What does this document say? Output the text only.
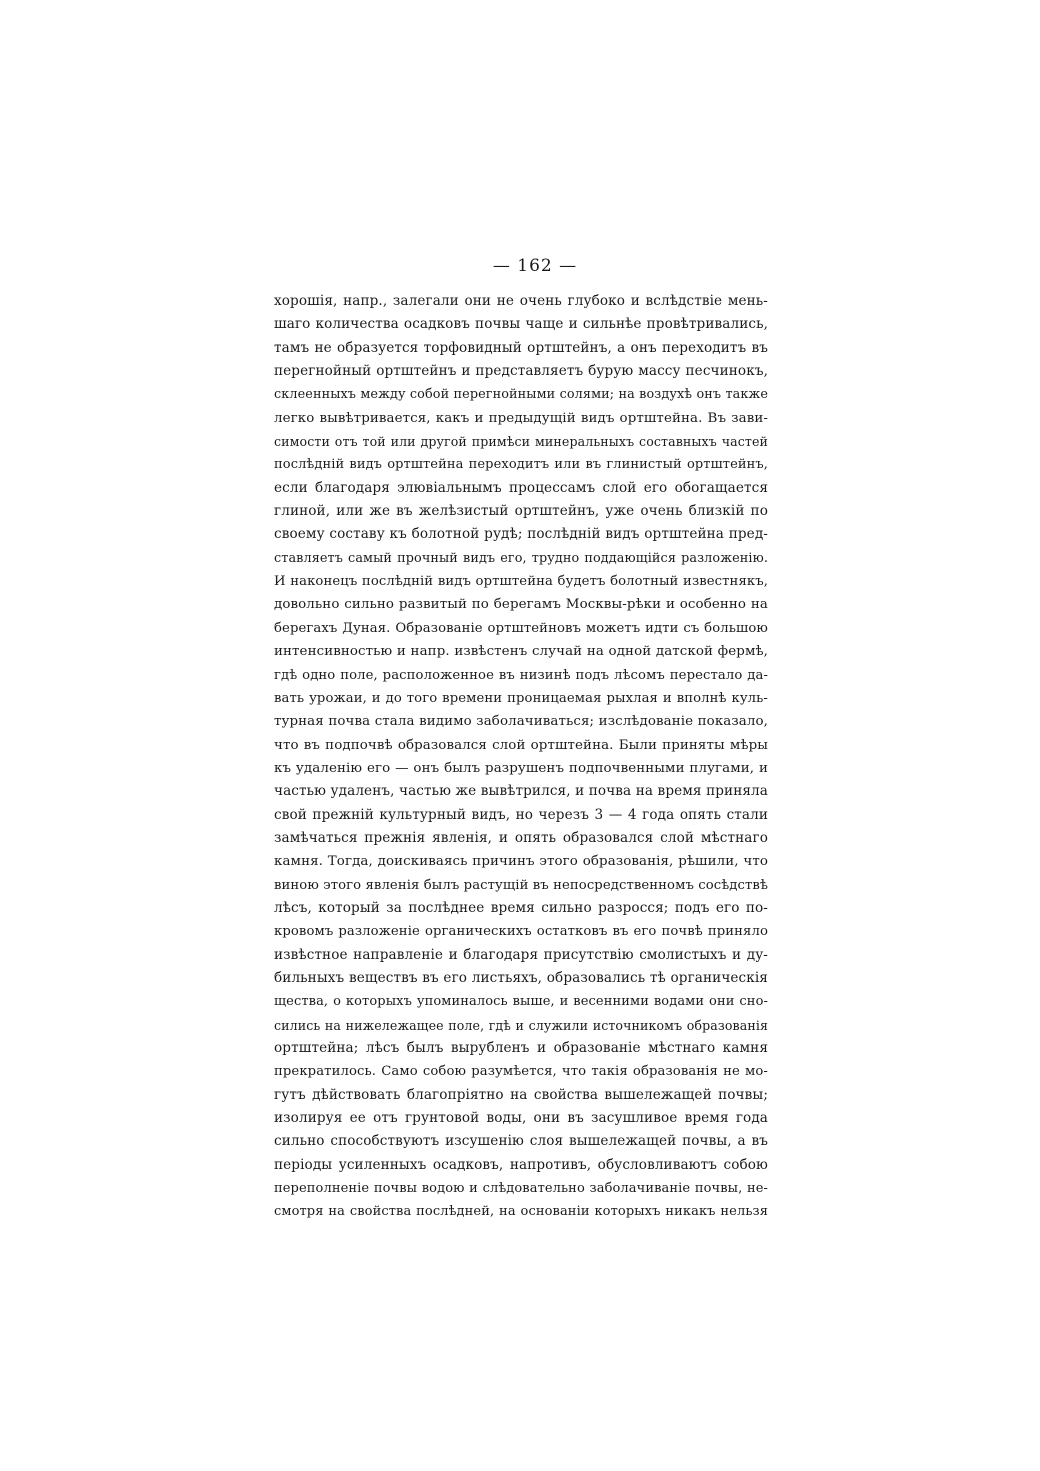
— 162 —
хорошія, напр., залегали они не очень глубоко и вслѣдствіе мень-
шаго количества осадковъ почвы чаще и сильнѣе провѣтривались,
тамъ не образуется торфовидный ортштейнъ, а онъ переходитъ въ
перегнойный ортштейнъ и представляетъ бурую массу песчинокъ,
склеенныхъ между собой перегнойными солями; на воздухѣ онъ также
легко вывѣтривается, какъ и предыдущій видъ ортштейна. Въ зави-
симости отъ той или другой примѣси минеральныхъ составныхъ частей
послѣдній видъ ортштейна переходитъ или въ глинистый ортштейнъ,
если благодаря элювіальнымъ процессамъ слой его обогащается
глиной, или же въ желѣзистый ортштейнъ, уже очень близкій по
своему составу къ болотной рудѣ; послѣдній видъ ортштейна пред-
ставляетъ самый прочный видъ его, трудно поддающійся разложенію.
И наконецъ послѣдній видъ ортштейна будетъ болотный известнякъ,
довольно сильно развитый по берегамъ Москвы-рѣки и особенно на
берегахъ Дуная. Образованіе ортштейновъ можетъ идти съ большою
интенсивностью и напр. извѣстенъ случай на одной датской фермѣ,
гдѣ одно поле, расположенное въ низинѣ подъ лѣсомъ перестало да-
вать урожаи, и до того времени проницаемая рыхлая и вполнѣ куль-
турная почва стала видимо заболачиваться; изслѣдованіе показало,
что въ подпочвѣ образовался слой ортштейна. Были приняты мѣры
къ удаленію его — онъ былъ разрушенъ подпочвенными плугами, и
частью удаленъ, частью же вывѣтрился, и почва на время приняла
свой прежній культурный видъ, но черезъ 3 — 4 года опять стали
замѣчаться прежнія явленія, и опять образовался слой мѣстнаго
камня. Тогда, доискиваясь причинъ этого образованія, рѣшили, что
виною этого явленія былъ растущій въ непосредственномъ сосѣдствѣ
лѣсъ, который за послѣднее время сильно разросся; подъ его по-
кровомъ разложеніе органическихъ остатковъ въ его почвѣ приняло
извѣстное направленіе и благодаря присутствію смолистыхъ и ду-
бильныхъ веществъ въ его листьяхъ, образовались тѣ органическія
щества, о которыхъ упоминалось выше, и весенними водами они сно-
сились на нижележащее поле, гдѣ и служили источникомъ образованія
ортштейна; лѣсъ былъ вырубленъ и образованіе мѣстнаго камня
прекратилось. Само собою разумѣется, что такія образованія не мо-
гутъ дѣйствовать благопріятно на свойства вышележащей почвы;
изолируя ее отъ грунтовой воды, они въ засушливое время года
сильно способствуютъ изсушенію слоя вышележащей почвы, а въ
періоды усиленныхъ осадковъ, напротивъ, обусловливаютъ собою
переполненіе почвы водою и слѣдовательно заболачиваніе почвы, не-
смотря на свойства послѣдней, на основаніи которыхъ никакъ нельзя
